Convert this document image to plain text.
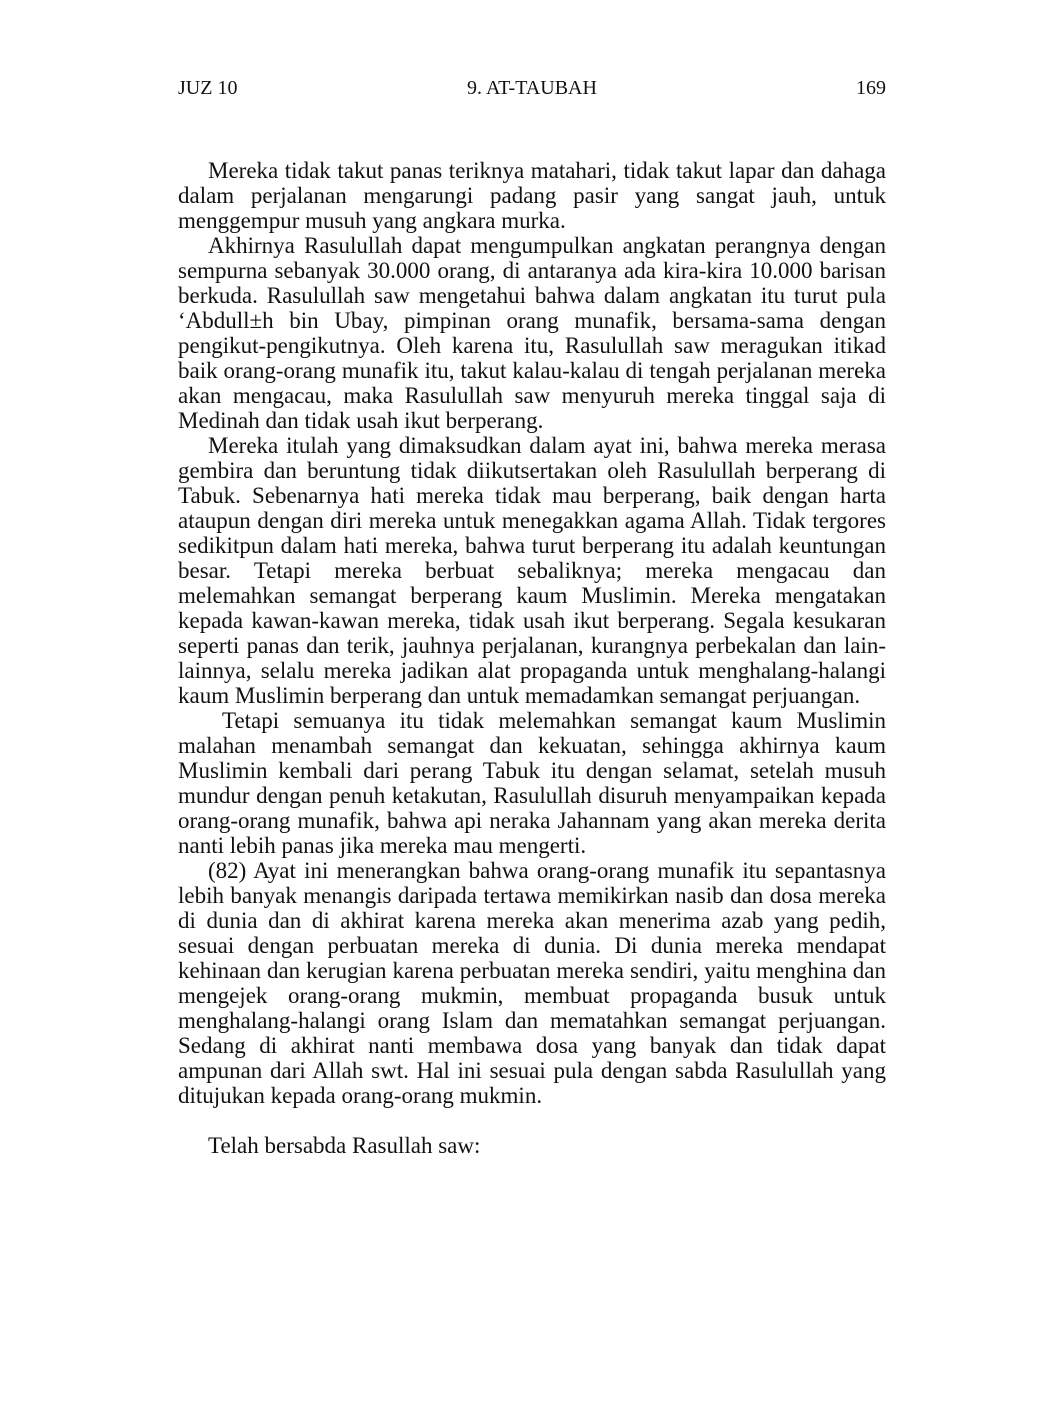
JUZ 10	9. AT-TAUBAH	169

Mereka tidak takut panas teriknya matahari, tidak takut lapar dan dahaga dalam perjalanan mengarungi padang pasir yang sangat jauh, untuk menggempur musuh yang angkara murka.

Akhirnya Rasulullah dapat mengumpulkan angkatan perangnya dengan sempurna sebanyak 30.000 orang, di antaranya ada kira-kira 10.000 barisan berkuda. Rasulullah saw mengetahui bahwa dalam angkatan itu turut pula ‘Abdull±h bin Ubay, pimpinan orang munafik, bersama-sama dengan pengikut-pengikutnya. Oleh karena itu, Rasulullah saw meragukan itikad baik orang-orang munafik itu, takut kalau-kalau di tengah perjalanan mereka akan mengacau, maka Rasulullah saw menyuruh mereka tinggal saja di Medinah dan tidak usah ikut berperang.

Mereka itulah yang dimaksudkan dalam ayat ini, bahwa mereka merasa gembira dan beruntung tidak diikutsertakan oleh Rasulullah berperang di Tabuk. Sebenarnya hati mereka tidak mau berperang, baik dengan harta ataupun dengan diri mereka untuk menegakkan agama Allah. Tidak tergores sedikitpun dalam hati mereka, bahwa turut berperang itu adalah keuntungan besar. Tetapi mereka berbuat sebaliknya; mereka mengacau dan melemahkan semangat berperang kaum Muslimin. Mereka mengatakan kepada kawan-kawan mereka, tidak usah ikut berperang. Segala kesukaran seperti panas dan terik, jauhnya perjalanan, kurangnya perbekalan dan lain-lainnya, selalu mereka jadikan alat propaganda untuk menghalang-halangi kaum Muslimin berperang dan untuk memadamkan semangat perjuangan.

Tetapi semuanya itu tidak melemahkan semangat kaum Muslimin malahan menambah semangat dan kekuatan, sehingga akhirnya kaum Muslimin kembali dari perang Tabuk itu dengan selamat, setelah musuh mundur dengan penuh ketakutan, Rasulullah disuruh menyampaikan kepada orang-orang munafik, bahwa api neraka Jahannam yang akan mereka derita nanti lebih panas jika mereka mau mengerti.

(82) Ayat ini menerangkan bahwa orang-orang munafik itu sepantasnya lebih banyak menangis daripada tertawa memikirkan nasib dan dosa mereka di dunia dan di akhirat karena mereka akan menerima azab yang pedih, sesuai dengan perbuatan mereka di dunia. Di dunia mereka mendapat kehinaan dan kerugian karena perbuatan mereka sendiri, yaitu menghina dan mengejek orang-orang mukmin, membuat propaganda busuk untuk menghalang-halangi orang Islam dan mematahkan semangat perjuangan. Sedang di akhirat nanti membawa dosa yang banyak dan tidak dapat ampunan dari Allah swt. Hal ini sesuai pula dengan sabda Rasulullah yang ditujukan kepada orang-orang mukmin.

Telah bersabda Rasullah saw:
